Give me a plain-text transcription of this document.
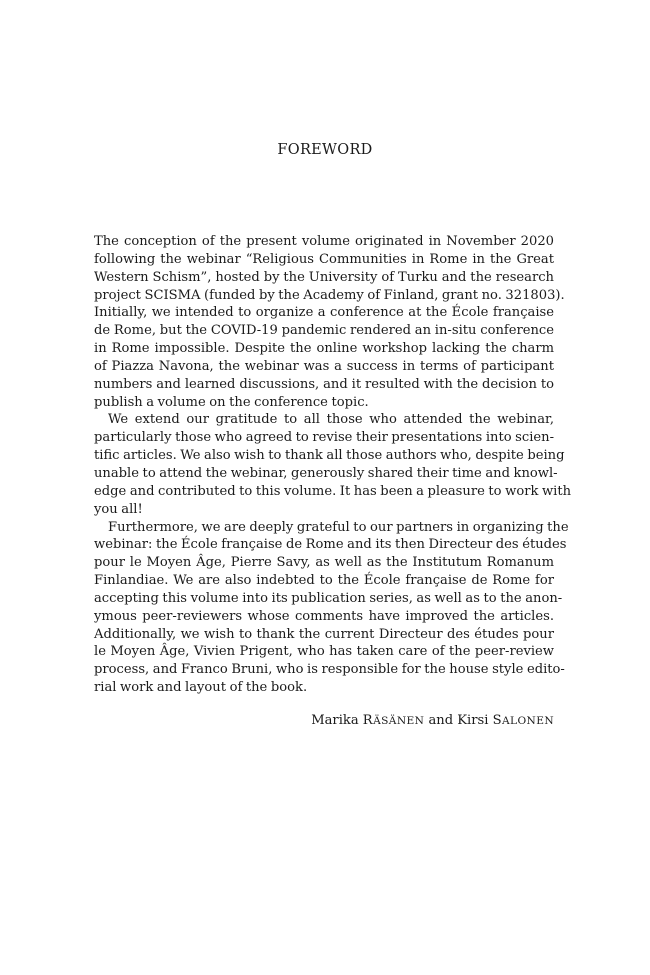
FOREWORD
The conception of the present volume originated in November 2020
following the webinar “Religious Communities in Rome in the Great
Western Schism”, hosted by the University of Turku and the research
project SCISMA (funded by the Academy of Finland, grant no. 321803).
Initially, we intended to organize a conference at the École française
de Rome, but the COVID-19 pandemic rendered an in-situ conference
in Rome impossible. Despite the online workshop lacking the charm
of Piazza Navona, the webinar was a success in terms of participant
numbers and learned discussions, and it resulted with the decision to
publish a volume on the conference topic.
We extend our gratitude to all those who attended the webinar,
particularly those who agreed to revise their presentations into scien-
tific articles. We also wish to thank all those authors who, despite being
unable to attend the webinar, generously shared their time and knowl-
edge and contributed to this volume. It has been a pleasure to work with
you all!
Furthermore, we are deeply grateful to our partners in organizing the
webinar: the École française de Rome and its then Directeur des études
pour le Moyen Âge, Pierre Savy, as well as the Institutum Romanum
Finlandiae. We are also indebted to the École française de Rome for
accepting this volume into its publication series, as well as to the anon-
ymous peer-reviewers whose comments have improved the articles.
Additionally, we wish to thank the current Directeur des études pour
le Moyen Âge, Vivien Prigent, who has taken care of the peer-review
process, and Franco Bruni, who is responsible for the house style edito-
rial work and layout of the book.
Marika RÄSÄNEN and Kirsi SALONEN
